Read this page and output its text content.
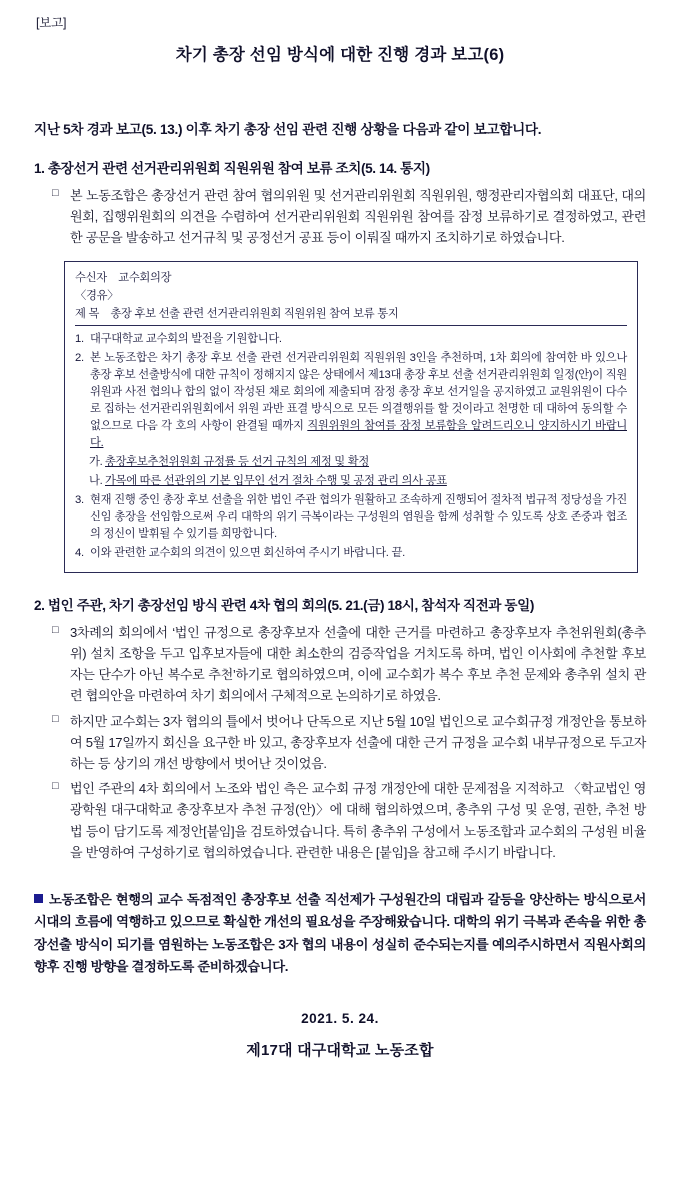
[보고]
차기 총장 선임 방식에 대한 진행 경과 보고(6)

지난 5차 경과 보고(5. 13.) 이후 차기 총장 선임 관련 진행 상황을 다음과 같이 보고합니다.

1. 총장선거 관련 선거관리위원회 직원위원 참여 보류 조치(5. 14. 통지)
□ 본 노동조합은 총장선거 관련 참여 협의위원 및 선거관리위원회 직원위원, 행정관리자협의회 대표단, 대의원회, 집행위원회의 의견을 수렴하여 선거관리위원회 직원위원 참여를 잠정 보류하기로 결정하였고, 관련한 공문을 발송하고 선거규칙 및 공정선거 공표 등이 이뤄질 때까지 조치하기로 하였습니다.
수신자 교수회의장
〈경유〉
제 목 총장 후보 선출 관련 선거관리위원회 직원위원 참여 보류 통지
1. 대구대학교 교수회의 발전을 기원합니다.
2. 본 노동조합은 차기 총장 후보 선출 관련 선거관리위원회 직원위원 3인을 추천하며, 1차 회의에 참여한 바 있으나 총장 후보 선출방식에 대한 규칙이 정해지지 않은 상태에서 제13대 총장 후보 선출 선거관리위원회 일정(안)이 직원위원과 사전 협의나 합의 없이 작성된 채로 회의에 제출되며 잠정 총장 후보 선거일을 공지하였고 교원위원이 다수로 집하는 선거관리위원회에서 위원 과반 표결 방식으로 모든 의결행위를 할 것이라고 천명한 데 대하여 동의할 수 없으므로 다음 각 호의 사항이 완결될 때까지 직원위원의 참여를 잠정 보류함을 알려드리오니 양지하시기 바랍니다.
가. 총장후보추천위원회 규정률 등 선거 규칙의 제정 및 확정
나. 가목에 따른 선관위의 기본 입무인 선거 절차 수행 및 공정 관리 의사 공표
3. 현재 진행 중인 총장 후보 선출을 위한 법인 주관 협의가 원활하고 조속하게 진행되어 절차적 법규적 정당성을 가진 신임 총장을 선임함으로써 우리 대학의 위기 극복이라는 구성원의 염원을 함께 성취할 수 있도록 상호 존중과 협조의 정신이 발휘될 수 있기를 희망합니다.
4. 이와 관련한 교수회의 의견이 있으면 회신하여 주시기 바랍니다. 끝.
2. 법인 주관, 차기 총장선임 방식 관련 4차 협의 회의(5. 21.(금) 18시, 참석자 직전과 동일)
□ 3차례의 회의에서 ‘법인 규정으로 총장후보자 선출에 대한 근거를 마련하고 총장후보자 추천위원회(총추위) 설치 조항을 두고 입후보자들에 대한 최소한의 검증작업을 거치도록 하며, 법인 이사회에 추천할 후보자는 단수가 아닌 복수로 추천’하기로 협의하였으며, 이에 교수회가 복수 후보 추천 문제와 총추위 설치 관련 협의안을 마련하여 차기 회의에서 구체적으로 논의하기로 하였음.
□ 하지만 교수회는 3자 협의의 틀에서 벗어나 단독으로 지난 5월 10일 법인으로 교수회규정 개정안을 통보하여 5월 17일까지 회신을 요구한 바 있고, 총장후보자 선출에 대한 근거 규정을 교수회 내부규정으로 두고자 하는 등 상기의 개선 방향에서 벗어난 것이었음.
□ 법인 주관의 4차 회의에서 노조와 법인 측은 교수회 규정 개정안에 대한 문제점을 지적하고 〈학교법인 영광학원 대구대학교 총장후보자 추천 규정(안)〉에 대해 협의하였으며, 총추위 구성 및 운영, 권한, 추천 방법 등이 담기도록 제정안[붙임]을 검토하였습니다. 특히 총추위 구성에서 노동조합과 교수회의 구성원 비율을 반영하여 구성하기로 협의하였습니다. 관련한 내용은 [붙임]을 참고해 주시기 바랍니다.

노동조합은 현행의 교수 독점적인 총장후보 선출 직선제가 구성원간의 대립과 갈등을 양산하는 방식으로서 시대의 흐름에 역행하고 있으므로 확실한 개선의 필요성을 주장해왔습니다. 대학의 위기 극복과 존속을 위한 총장선출 방식이 되기를 염원하는 노동조합은 3자 협의 내용이 성실히 준수되는지를 예의주시하면서 직원사회의 향후 진행 방향을 결정하도록 준비하겠습니다.

2021. 5. 24.
제17대 대구대학교 노동조합
